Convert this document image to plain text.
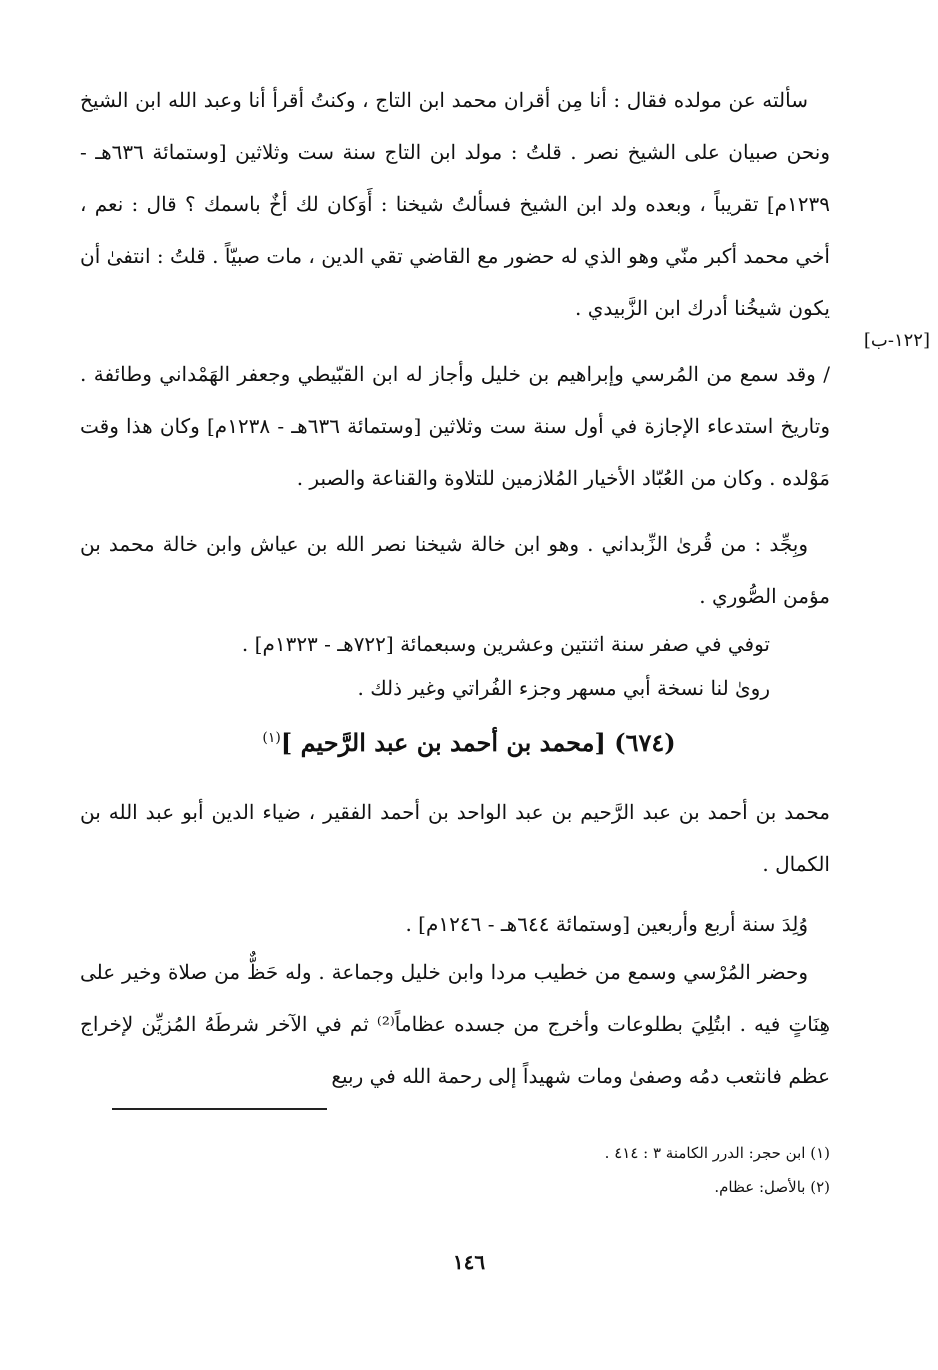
سألته عن مولده فقال : أنا مِن أقران محمد ابن التاج ، وكنتُ أقرأ أنا وعبد الله ابن الشيخ ونحن صبيان على الشيخ نصر . قلتُ : مولد ابن التاج سنة ست وثلاثين [وستمائة ٦٣٦هـ - ١٢٣٩م] تقريباً ، وبعده ولد ابن الشيخ فسألتُ شيخنا : أَوَكان لك أخٌ باسمك ؟ قال : نعم ، أخي محمد أكبر منّي وهو الذي له حضور مع القاضي تقي الدين ، مات صبيّاً . قلتُ : انتفىٰ أن يكون شيخُنا أدرك ابن الزَّبيدي .

/ وقد سمع من المُرسي وإبراهيم بن خليل وأجاز له ابن القبّيطي وجعفر الهَمْداني وطائفة . وتاريخ استدعاء الإجازة في أول سنة ست وثلاثين [وستمائة ٦٣٦هـ - ١٢٣٨م] وكان هذا وقت مَوْلده . وكان من العُبّاد الأخيار المُلازمين للتلاوة والقناعة والصبر .

وبِجِّد : من قُرىٰ الزِّبداني . وهو ابن خالة شيخنا نصر الله بن عياش وابن خالة محمد بن مؤمن الصُّوري .

توفي في صفر سنة اثنتين وعشرين وسبعمائة [٧٢٢هـ - ١٣٢٣م] .

روىٰ لنا نسخة أبي مسهر وجزء الفُراتي وغير ذلك .

[١٢٢-ب]
(٦٧٤) [محمد بن أحمد بن عبد الرَّحيم ]$^{(١)}$

محمد بن أحمد بن عبد الرَّحيم بن عبد الواحد بن أحمد الفقير ، ضياء الدين أبو عبد الله بن الكمال .

وُلِدَ سنة أربع وأربعين [وستمائة ٦٤٤هـ - ١٢٤٦م] .

وحضر المُرْسي وسمع من خطيب مردا وابن خليل وجماعة . وله حَظٌّ من صلاة وخير على هِنَاتٍ فيه . ابتُلِيَ بطلوعات وأخرج من جسده عظاماً⁽²⁾ ثم في الآخر شرطَهُ المُزيِّن لإخراج عظم فانثعب دمُه وصفىٰ ومات شهيداً إلى رحمة الله في ربيع

(١) ابن حجر: الدرر الكامنة ٣ : ٤١٤ .

(٢) بالأصل: عظام.

١٤٦
